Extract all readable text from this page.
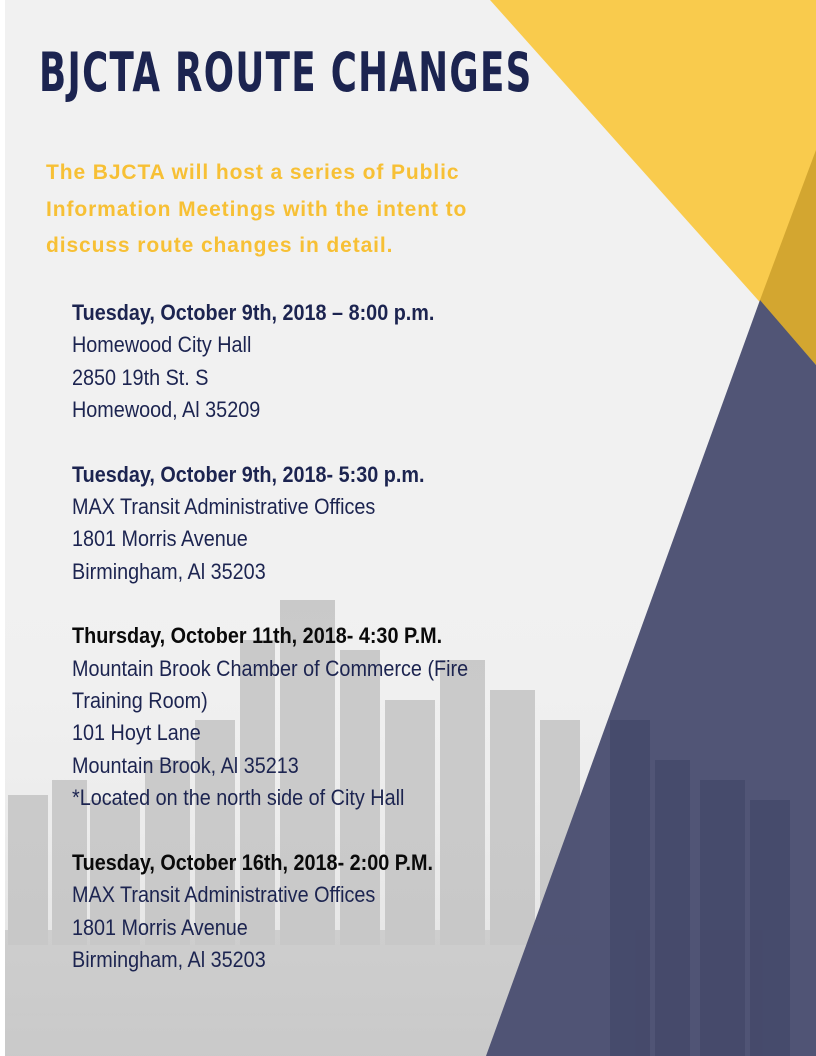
BJCTA ROUTE CHANGES

The BJCTA will host a series of Public Information Meetings with the intent to discuss route changes in detail.

Tuesday, October 9th, 2018 – 8:00 p.m.
Homewood City Hall
2850 19th St. S
Homewood, Al 35209
Tuesday, October 9th, 2018- 5:30 p.m.
MAX Transit Administrative Offices
1801 Morris Avenue
Birmingham, Al 35203
Thursday, October 11th, 2018- 4:30 P.M.
Mountain Brook Chamber of Commerce (Fire Training Room)
101 Hoyt Lane
Mountain Brook, Al 35213
*Located on the north side of City Hall
Tuesday, October 16th, 2018- 2:00 P.M.
MAX Transit Administrative Offices
1801 Morris Avenue
Birmingham, Al 35203
